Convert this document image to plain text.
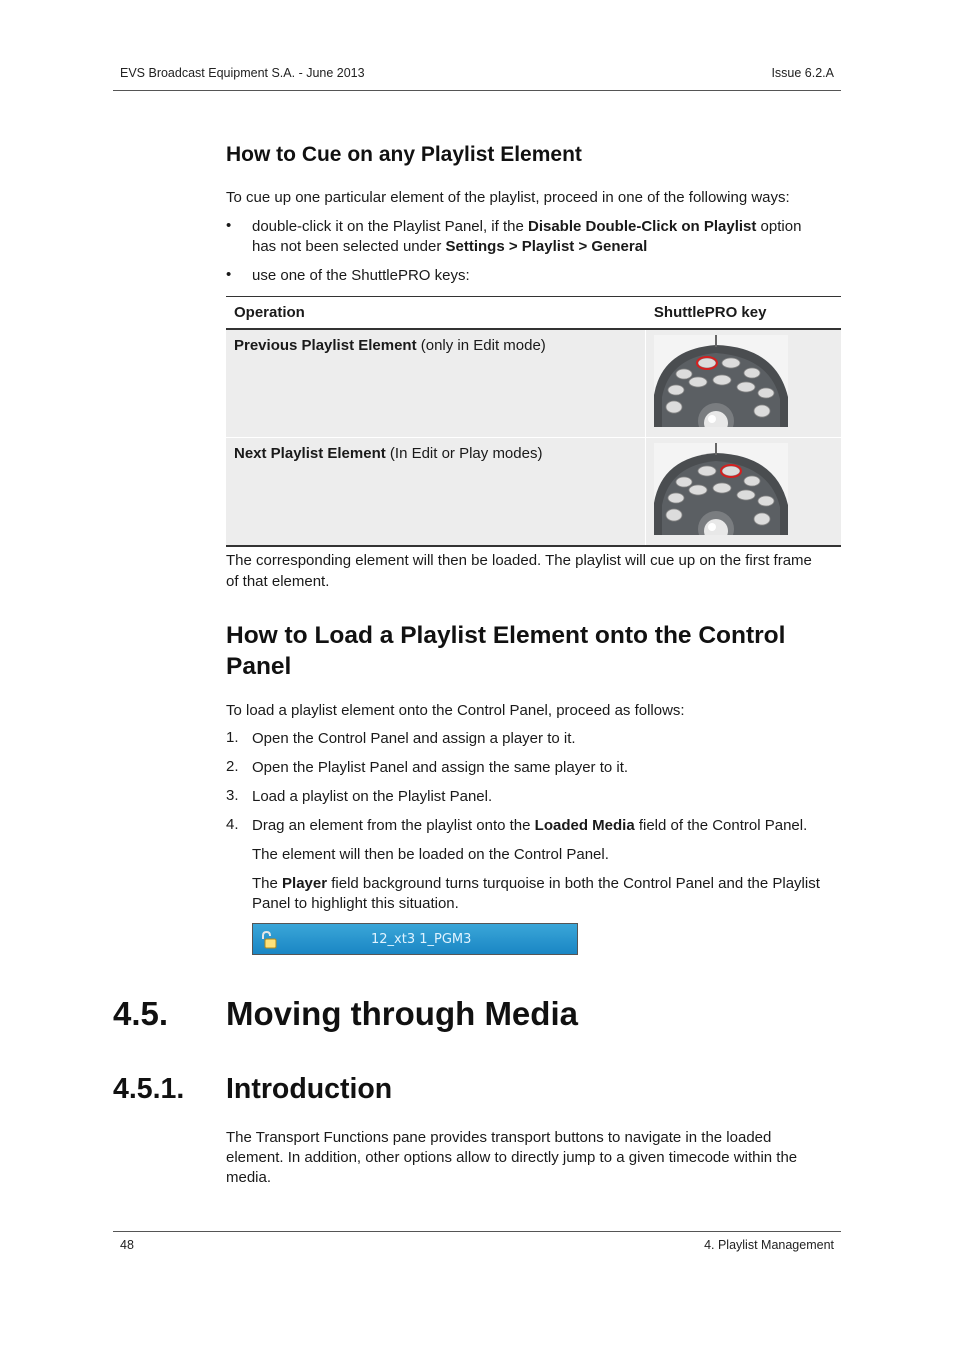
EVS Broadcast Equipment S.A. - June 2013	Issue 6.2.A
How to Cue on any Playlist Element

To cue up one particular element of the playlist, proceed in one of the following ways:

• double-click it on the Playlist Panel, if the Disable Double-Click on Playlist option
has not been selected under Settings > Playlist > General

• use one of the ShuttlePRO keys:

Operation	ShuttlePRO key
Previous Playlist Element (only in Edit mode)	

Next Playlist Element (In Edit or Play modes)	

The corresponding element will then be loaded. The playlist will cue up on the first frame

of that element.

How to Load a Playlist Element onto the Control
Panel

To load a playlist element onto the Control Panel, proceed as follows:

1. Open the Control Panel and assign a player to it.

2. Open the Playlist Panel and assign the same player to it.

3. Load a playlist on the Playlist Panel.

4. Drag an element from the playlist onto the Loaded Media field of the Control Panel.

The element will then be loaded on the Control Panel.

The Player field background turns turquoise in both the Control Panel and the Playlist
Panel to highlight this situation.

12_xt3 1_PGM3
4.5. Moving through Media
4.5.1. Introduction

The Transport Functions pane provides transport buttons to navigate in the loaded

element. In addition, other options allow to directly jump to a given timecode within the

media.

48	4. Playlist Management
